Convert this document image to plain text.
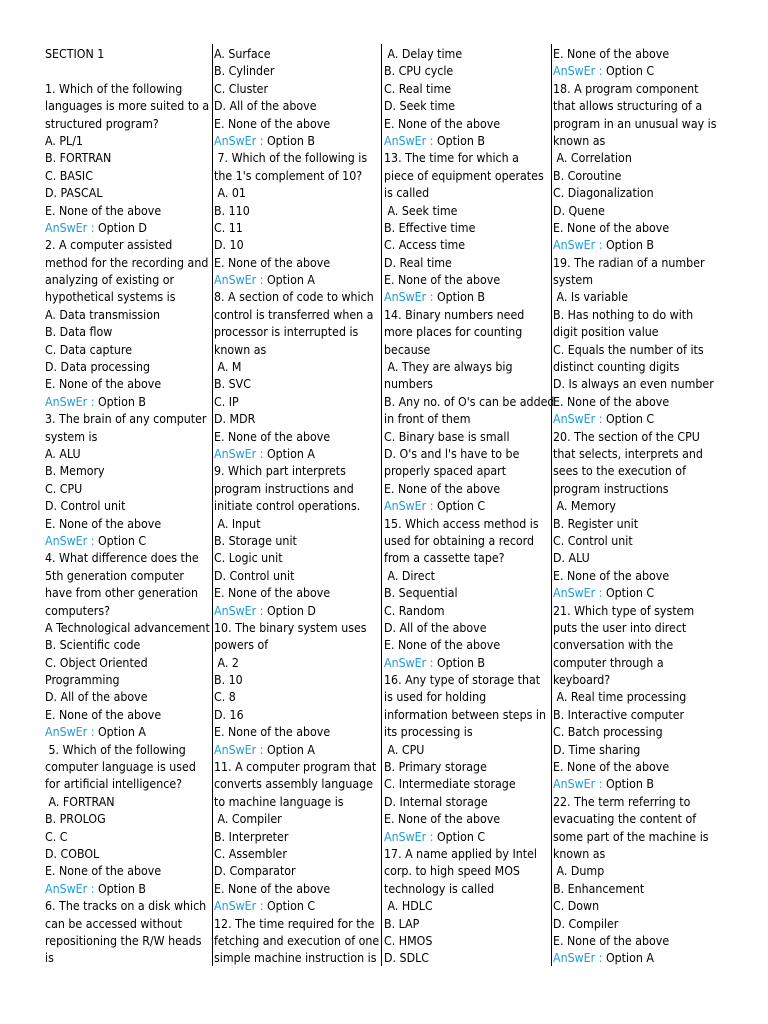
SECTION 1
1. Which of the following
languages is more suited to a
structured program?
A. PL/1
B. FORTRAN
C. BASIC
D. PASCAL
E. None of the above
AnSwEr : Option D
2. A computer assisted
method for the recording and
analyzing of existing or
hypothetical systems is
A. Data transmission
B. Data flow
C. Data capture
D. Data processing
E. None of the above
AnSwEr : Option B
3. The brain of any computer
system is
A. ALU
B. Memory
C. CPU
D. Control unit
E. None of the above
AnSwEr : Option C
4. What difference does the
5th generation computer
have from other generation
computers?
A Technological advancement
B. Scientific code
C. Object Oriented
Programming
D. All of the above
E. None of the above
AnSwEr : Option A
5. Which of the following
computer language is used
for artificial intelligence?
A. FORTRAN
B. PROLOG
C. C
D. COBOL
E. None of the above
AnSwEr : Option B
6. The tracks on a disk which
can be accessed without
repositioning the R/W heads
is
A. Surface
B. Cylinder
C. Cluster
D. All of the above
E. None of the above
AnSwEr : Option B
7. Which of the following is
the 1's complement of 10?
A. 01
B. 110
C. 11
D. 10
E. None of the above
AnSwEr : Option A
8. A section of code to which
control is transferred when a
processor is interrupted is
known as
A. M
B. SVC
C. IP
D. MDR
E. None of the above
AnSwEr : Option A
9. Which part interprets
program instructions and
initiate control operations.
A. Input
B. Storage unit
C. Logic unit
D. Control unit
E. None of the above
AnSwEr : Option D
10. The binary system uses
powers of
A. 2
B. 10
C. 8
D. 16
E. None of the above
AnSwEr : Option A
11. A computer program that
converts assembly language
to machine language is
A. Compiler
B. Interpreter
C. Assembler
D. Comparator
E. None of the above
AnSwEr : Option C
12. The time required for the
fetching and execution of one
simple machine instruction is
A. Delay time
B. CPU cycle
C. Real time
D. Seek time
E. None of the above
AnSwEr : Option B
13. The time for which a
piece of equipment operates
is called
A. Seek time
B. Effective time
C. Access time
D. Real time
E. None of the above
AnSwEr : Option B
14. Binary numbers need
more places for counting
because
A. They are always big
numbers
B. Any no. of O's can be added
in front of them
C. Binary base is small
D. O's and l's have to be
properly spaced apart
E. None of the above
AnSwEr : Option C
15. Which access method is
used for obtaining a record
from a cassette tape?
A. Direct
B. Sequential
C. Random
D. All of the above
E. None of the above
AnSwEr : Option B
16. Any type of storage that
is used for holding
information between steps in
its processing is
A. CPU
B. Primary storage
C. Intermediate storage
D. Internal storage
E. None of the above
AnSwEr : Option C
17. A name applied by Intel
corp. to high speed MOS
technology is called
A. HDLC
B. LAP
C. HMOS
D. SDLC
E. None of the above
AnSwEr : Option C
18. A program component
that allows structuring of a
program in an unusual way is
known as
A. Correlation
B. Coroutine
C. Diagonalization
D. Quene
E. None of the above
AnSwEr : Option B
19. The radian of a number
system
A. Is variable
B. Has nothing to do with
digit position value
C. Equals the number of its
distinct counting digits
D. Is always an even number
E. None of the above
AnSwEr : Option C
20. The section of the CPU
that selects, interprets and
sees to the execution of
program instructions
A. Memory
B. Register unit
C. Control unit
D. ALU
E. None of the above
AnSwEr : Option C
21. Which type of system
puts the user into direct
conversation with the
computer through a
keyboard?
A. Real time processing
B. Interactive computer
C. Batch processing
D. Time sharing
E. None of the above
AnSwEr : Option B
22. The term referring to
evacuating the content of
some part of the machine is
known as
A. Dump
B. Enhancement
C. Down
D. Compiler
E. None of the above
AnSwEr : Option A
